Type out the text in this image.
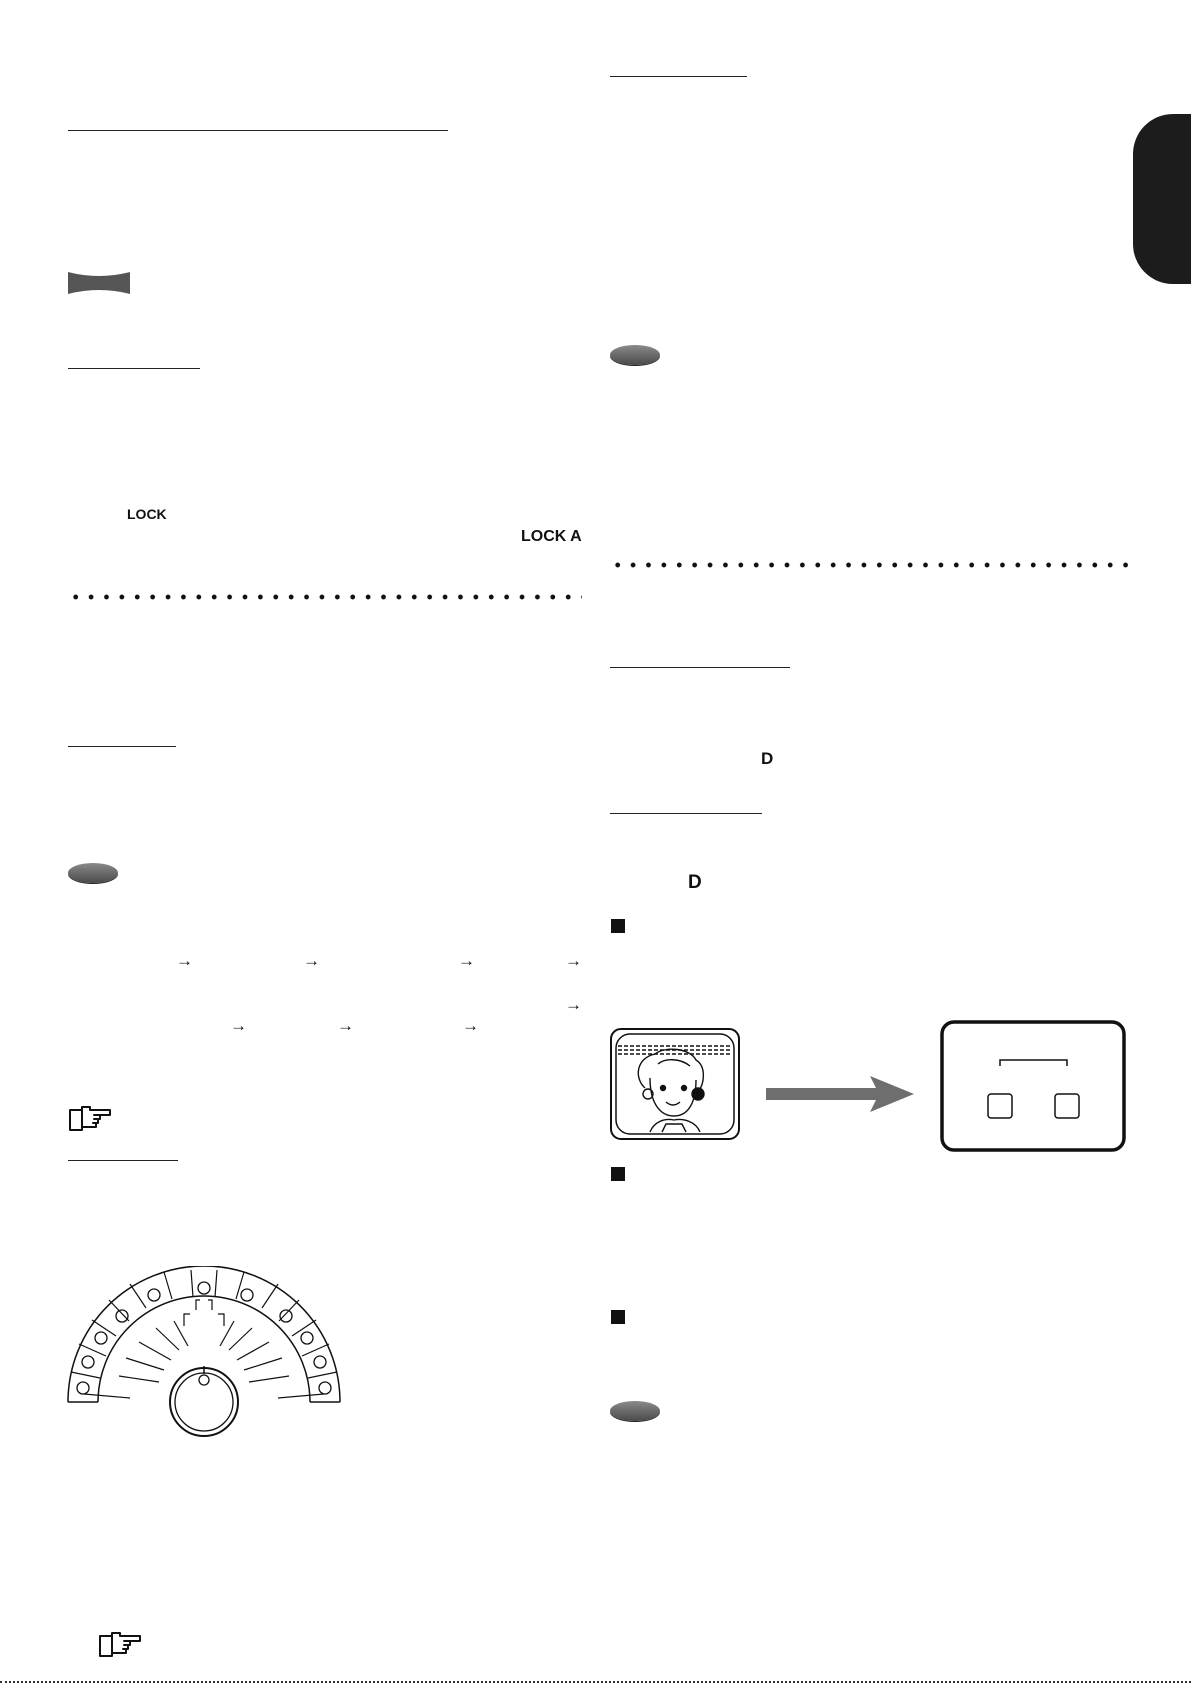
LOCK
LOCK A
→	→	→	→
→
→	→	→
D
D
